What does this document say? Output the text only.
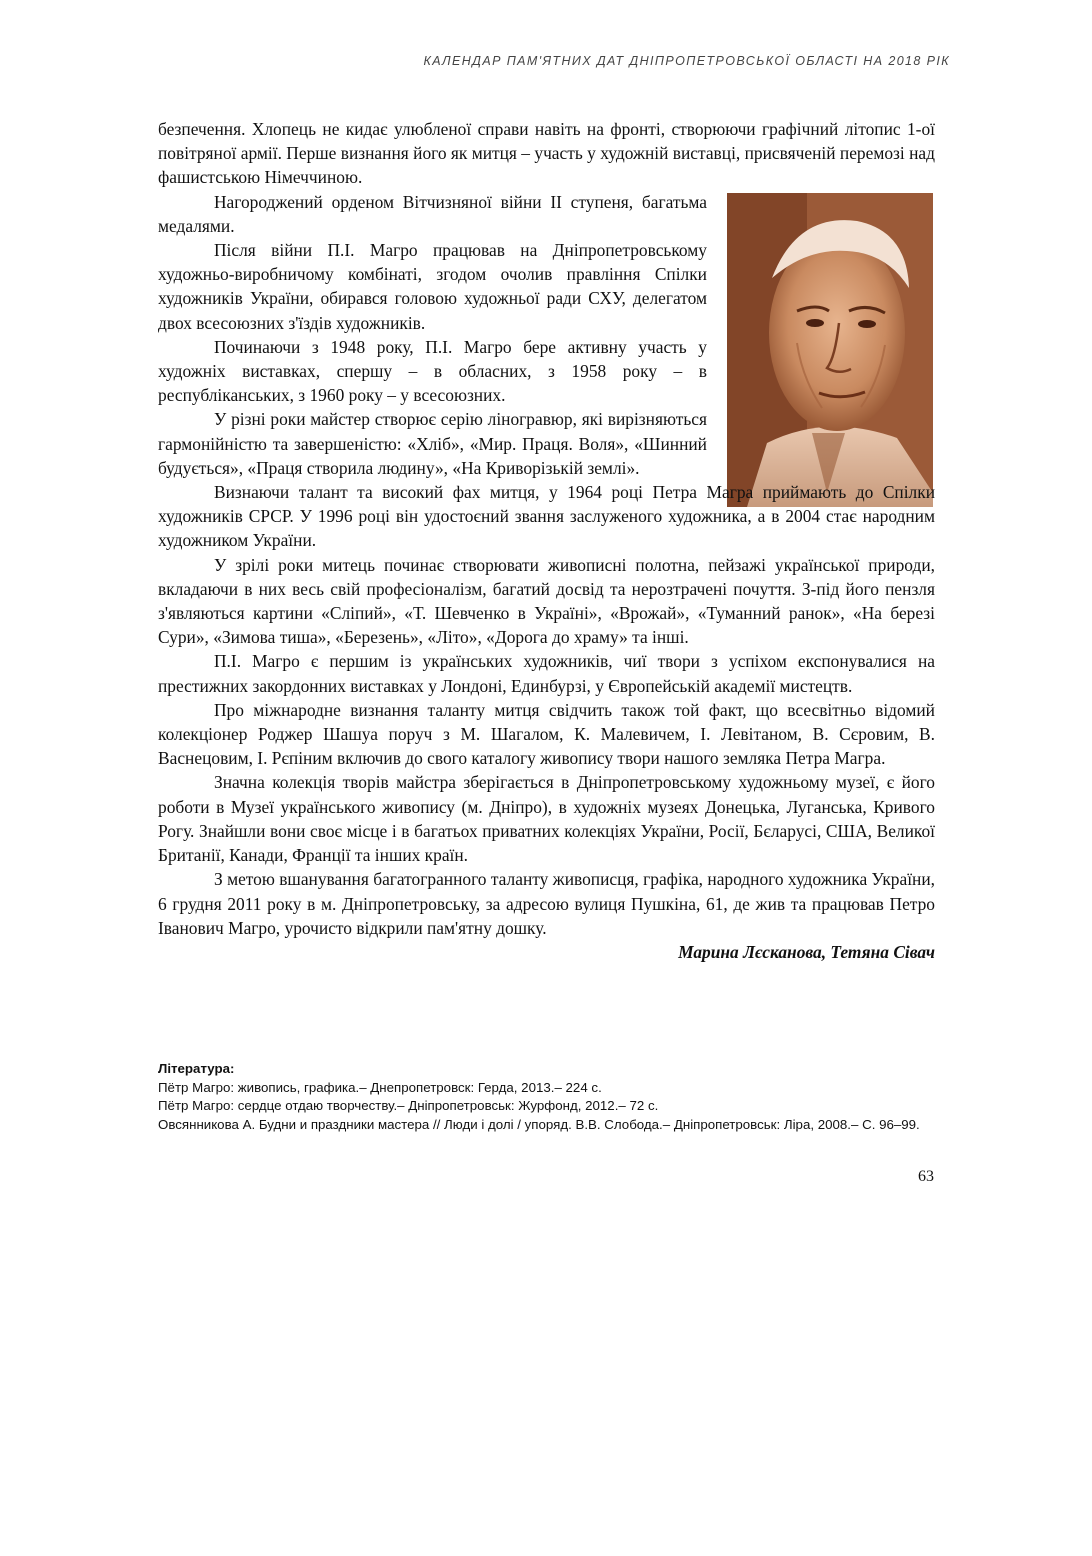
КАЛЕНДАР ПАМ'ЯТНИХ ДАТ ДНІПРОПЕТРОВСЬКОЇ ОБЛАСТІ НА 2018 РІК

безпечення. Хлопець не кидає улюбленої справи навіть на фронті, створюючи графічний літопис 1-ої повітряної армії. Перше визнання його як митця – участь у художній виставці, присвяченій перемозі над фашистською Німеччиною.

Нагороджений орденом Вітчизняної війни ІІ ступеня, багатьма медалями.

Після війни П.І. Магро працював на Дніпропетровському художньо-виробничому комбінаті, згодом очолив правління Спілки художників України, обирався головою художньої ради СХУ, делегатом двох всесоюзних з'їздів художників.

Починаючи з 1948 року, П.І. Магро бере активну участь у художніх виставках, спершу – в обласних, з 1958 року – в республіканських, з 1960 року – у всесоюзних.

У різні роки майстер створює серію ліногравюр, які вирізняються гармонійністю та завершеністю: «Хліб», «Мир. Праця. Воля», «Шинний будується», «Праця створила людину», «На Криворізькій землі».

Визнаючи талант та високий фах митця, у 1964 році Петра Магра приймають до Спілки художників СРСР. У 1996 році він удостоєний звання заслуженого художника, а в 2004 стає народним художником України.

У зрілі роки митець починає створювати живописні полотна, пейзажі української природи, вкладаючи в них весь свій професіоналізм, багатий досвід та нерозтрачені почуття. З-під його пензля з'являються картини «Сліпий», «Т. Шевченко в Україні», «Врожай», «Туманний ранок», «На березі Сури», «Зимова тиша», «Березень», «Літо», «Дорога до храму» та інші.

П.І. Магро є першим із українських художників, чиї твори з успіхом експонувалися на престижних закордонних виставках у Лондоні, Единбурзі, у Європейській академії мистецтв.

Про міжнародне визнання таланту митця свідчить також той факт, що всесвітньо відомий колекціонер Роджер Шашуа поруч з М. Шагалом, К. Малевичем, І. Левітаном, В. Сєровим, В. Васнецовим, І. Рєпіним включив до свого каталогу живопису твори нашого земляка Петра Магра.

Значна колекція творів майстра зберігається в Дніпропетровському художньому музеї, є його роботи в Музеї українського живопису (м. Дніпро), в художніх музеях Донецька, Луганська, Кривого Рогу. Знайшли вони своє місце і в багатьох приватних колекціях України, Росії, Бєларусі, США, Великої Британії, Канади, Франції та інших країн.

З метою вшанування багатогранного таланту живописця, графіка, народного художника України, 6 грудня 2011 року в м. Дніпропетровську, за адресою вулиця Пушкіна, 61, де жив та працював Петро Іванович Магро, урочисто відкрили пам'ятну дошку.

Марина Лєсканова, Тетяна Сівач

Література:

Пётр Магро: живопись, графика.– Днепропетровск: Герда, 2013.– 224 с.

Пётр Магро: сердце отдаю творчеству.– Дніпропетровськ: Журфонд, 2012.– 72 с.

Овсянникова А. Будни и праздники мастера // Люди і долі / упоряд. В.В. Слобода.– Дніпропетровськ: Ліра, 2008.– С. 96–99.

63
